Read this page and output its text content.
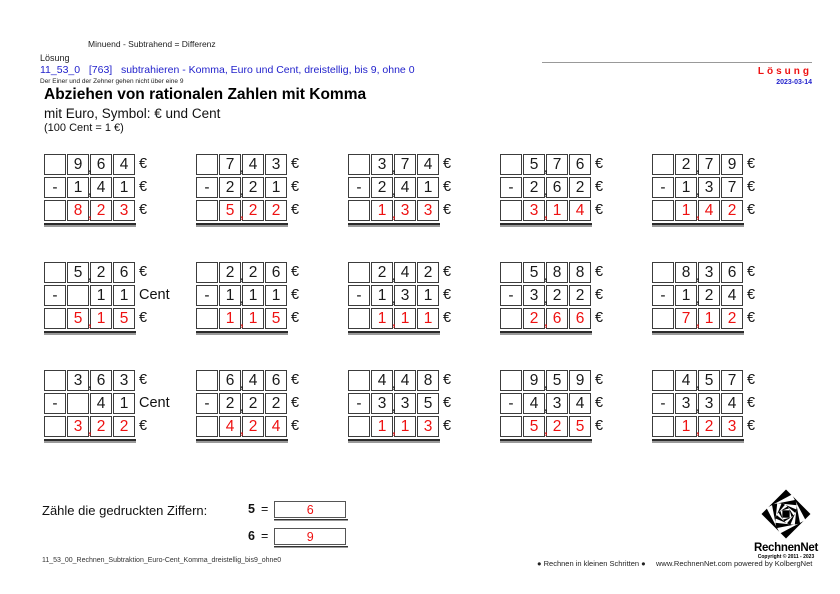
Minuend - Subtrahend = Differenz
Lösung
11_53_0   [763]   subtrahieren - Komma, Euro und Cent, dreistellig, bis 9, ohne 0
Der Einer und der Zehner gehen nicht über eine 9
Abziehen von rationalen Zahlen mit Komma
mit Euro, Symbol: € und Cent
(100 Cent = 1 €)
Lösung
2023-03-14
9 , 6 4 €
-	1 , 4 1 €
8 , 2 3 €
7 , 4 3 €
-	2 , 2 1 €
5 , 2 2 €
3 , 7 4 €
-	2 , 4 1 €
1 , 3 3 €
5 , 7 6 €
-	2 , 6 2 €
3 , 1 4 €
2 , 7 9 €
-	1 , 3 7 €
1 , 4 2 €
5 , 2 6 €
-	1 1 Cent
5 , 1 5 €
2 , 2 6 €
-	1 , 1 1 €
1 , 1 5 €
2 , 4 2 €
-	1 , 3 1 €
1 , 1 1 €
5 , 8 8 €
-	3 , 2 2 €
2 , 6 6 €
8 , 3 6 €
-	1 , 2 4 €
7 , 1 2 €
3 , 6 3 €
-	4 1 Cent
3 , 2 2 €
6 , 4 6 €
-	2 , 2 2 €
4 , 2 4 €
4 , 4 8 €
-	3 , 3 5 €
1 , 1 3 €
9 , 5 9 €
-	4 , 3 4 €
5 , 2 5 €
4 , 5 7 €
-	3 , 3 4 €
1 , 2 3 €
Zähle die gedruckten Ziffern:	5 =	6
6 =	9
11_53_00_Rechnen_Subtraktion_Euro-Cent_Komma_dreistellig_bis9_ohne0	● Rechnen in kleinen Schritten ● www.RechnenNet.com powered by KolbergNet
RechnenNet
Copyright © 2011 - 2023
